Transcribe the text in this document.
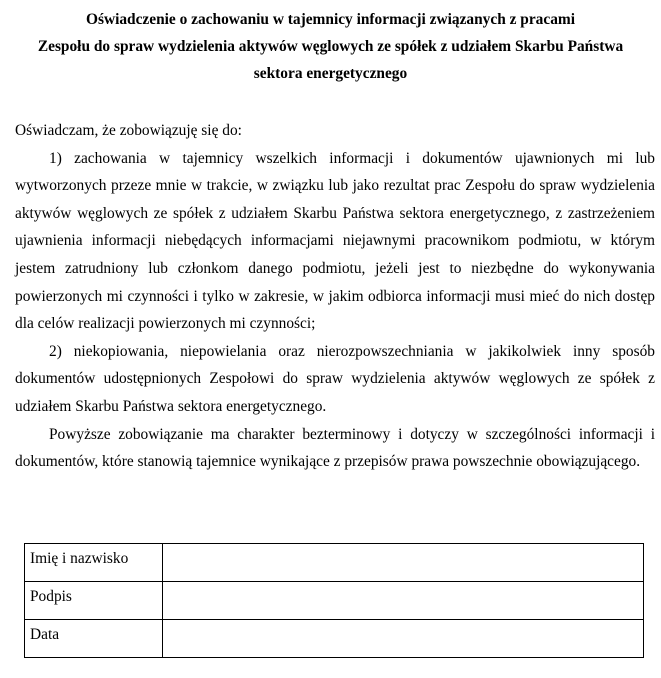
Oświadczenie o zachowaniu w tajemnicy informacji związanych z pracami
Zespołu do spraw wydzielenia aktywów węglowych ze spółek z udziałem Skarbu Państwa
sektora energetycznego

Oświadczam, że zobowiązuję się do:

1) zachowania w tajemnicy wszelkich informacji i dokumentów ujawnionych mi lub wytworzonych przeze mnie w trakcie, w związku lub jako rezultat prac Zespołu do spraw wydzielenia aktywów węglowych ze spółek z udziałem Skarbu Państwa sektora energetycznego, z zastrzeżeniem ujawnienia informacji niebędących informacjami niejawnymi pracownikom podmiotu, w którym jestem zatrudniony lub członkom danego podmiotu, jeżeli jest to niezbędne do wykonywania powierzonych mi czynności i tylko w zakresie, w jakim odbiorca informacji musi mieć do nich dostęp dla celów realizacji powierzonych mi czynności;

2) niekopiowania, niepowielania oraz nierozpowszechniania w jakikolwiek inny sposób dokumentów udostępnionych Zespołowi do spraw wydzielenia aktywów węglowych ze spółek z udziałem Skarbu Państwa sektora energetycznego.

Powyższe zobowiązanie ma charakter bezterminowy i dotyczy w szczególności informacji i dokumentów, które stanowią tajemnice wynikające z przepisów prawa powszechnie obowiązującego.

Imię i nazwisko	
Podpis	
Data	
